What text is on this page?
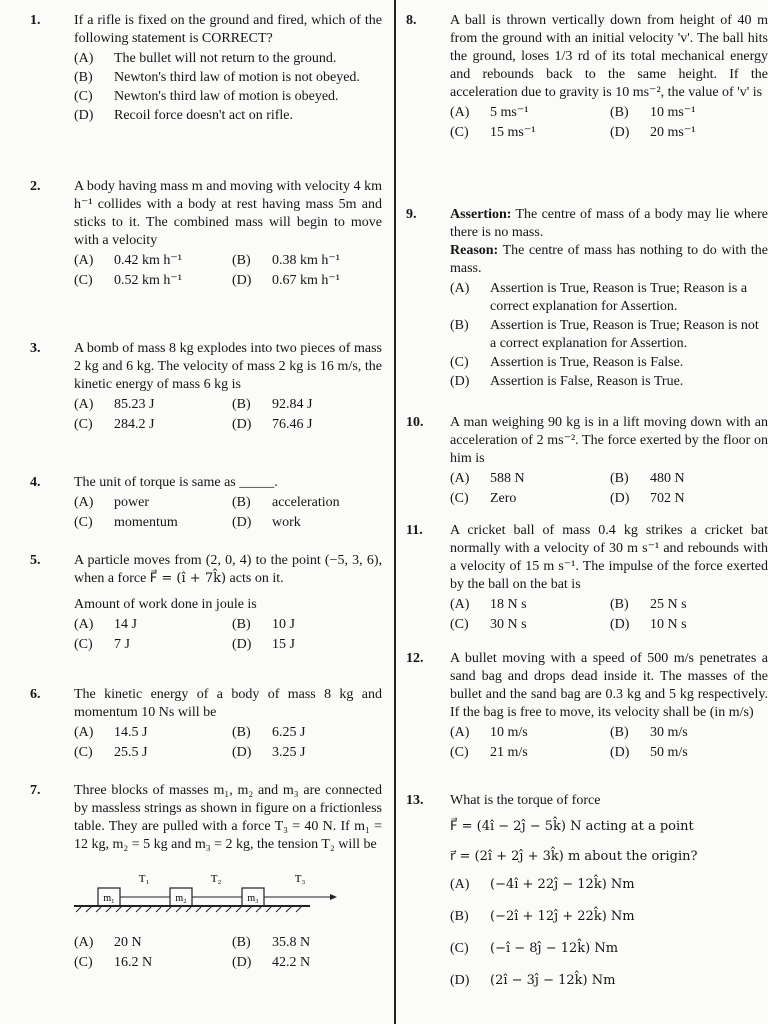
1.	If a rifle is fixed on the ground and fired, which of the following statement is CORRECT?
(A)	The bullet will not return to the ground.
(B)	Newton's third law of motion is not obeyed.
(C)	Newton's third law of motion is obeyed.
(D)	Recoil force doesn't act on rifle.
2.	A body having mass m and moving with velocity 4 km h⁻¹ collides with a body at rest having mass 5m and sticks to it. The combined mass will begin to move with a velocity
(A)	0.42 km h⁻¹	(B)	0.38 km h⁻¹
(C)	0.52 km h⁻¹	(D)	0.67 km h⁻¹
3.	A bomb of mass 8 kg explodes into two pieces of mass 2 kg and 6 kg. The velocity of mass 2 kg is 16 m/s, the kinetic energy of mass 6 kg is
(A)	85.23 J	(B)	92.84 J
(C)	284.2 J	(D)	76.46 J
4.	The unit of torque is same as _____.
(A)	power	(B)	acceleration
(C)	momentum	(D)	work
5.	A particle moves from (2, 0, 4) to the point (−5, 3, 6), when a force F⃗ = (î + 7k̂) acts on it.
Amount of work done in joule is
(A)	14 J	(B)	10 J
(C)	7 J	(D)	15 J
6.	The kinetic energy of a body of mass 8 kg and momentum 10 Ns will be
(A)	14.5 J	(B)	6.25 J
(C)	25.5 J	(D)	3.25 J
7.	Three blocks of masses m₁, m₂ and m₃ are connected by massless strings as shown in figure on a frictionless table. They are pulled with a force T₃ = 40 N. If m₁ = 12 kg, m₂ = 5 kg and m₃ = 2 kg, the tension T₂ will be
m₁	m₂	m₃
T₁	T₂	T₃
(A)	20 N	(B)	35.8 N
(C)	16.2 N	(D)	42.2 N
8.	A ball is thrown vertically down from height of 40 m from the ground with an initial velocity 'v'. The ball hits the ground, loses 1/3 rd of its total mechanical energy and rebounds back to the same height. If the acceleration due to gravity is 10 ms⁻², the value of 'v' is
(A)	5 ms⁻¹	(B)	10 ms⁻¹
(C)	15 ms⁻¹	(D)	20 ms⁻¹
9.	Assertion: The centre of mass of a body may lie where there is no mass.
Reason: The centre of mass has nothing to do with the mass.
(A)	Assertion is True, Reason is True; Reason is a correct explanation for Assertion.
(B)	Assertion is True, Reason is True; Reason is not a correct explanation for Assertion.
(C)	Assertion is True, Reason is False.
(D)	Assertion is False, Reason is True.
10.	A man weighing 90 kg is in a lift moving down with an acceleration of 2 ms⁻². The force exerted by the floor on him is
(A)	588 N	(B)	480 N
(C)	Zero	(D)	702 N
11.	A cricket ball of mass 0.4 kg strikes a cricket bat normally with a velocity of 30 m s⁻¹ and rebounds with a velocity of 15 m s⁻¹. The impulse of the force exerted by the ball on the bat is
(A)	18 N s	(B)	25 N s
(C)	30 N s	(D)	10 N s
12.	A bullet moving with a speed of 500 m/s penetrates a sand bag and drops dead inside it. The masses of the bullet and the sand bag are 0.3 kg and 5 kg respectively. If the bag is free to move, its velocity shall be (in m/s)
(A)	10 m/s	(B)	30 m/s
(C)	21 m/s	(D)	50 m/s
13.	What is the torque of force
F⃗ = (4î − 2ĵ − 5k̂) N acting at a point
r⃗ = (2î + 2ĵ + 3k̂) m about the origin?
(A)	(−4î + 22ĵ − 12k̂) Nm
(B)	(−2î + 12ĵ + 22k̂) Nm
(C)	(−î − 8ĵ − 12k̂) Nm
(D)	(2î − 3ĵ − 12k̂) Nm
